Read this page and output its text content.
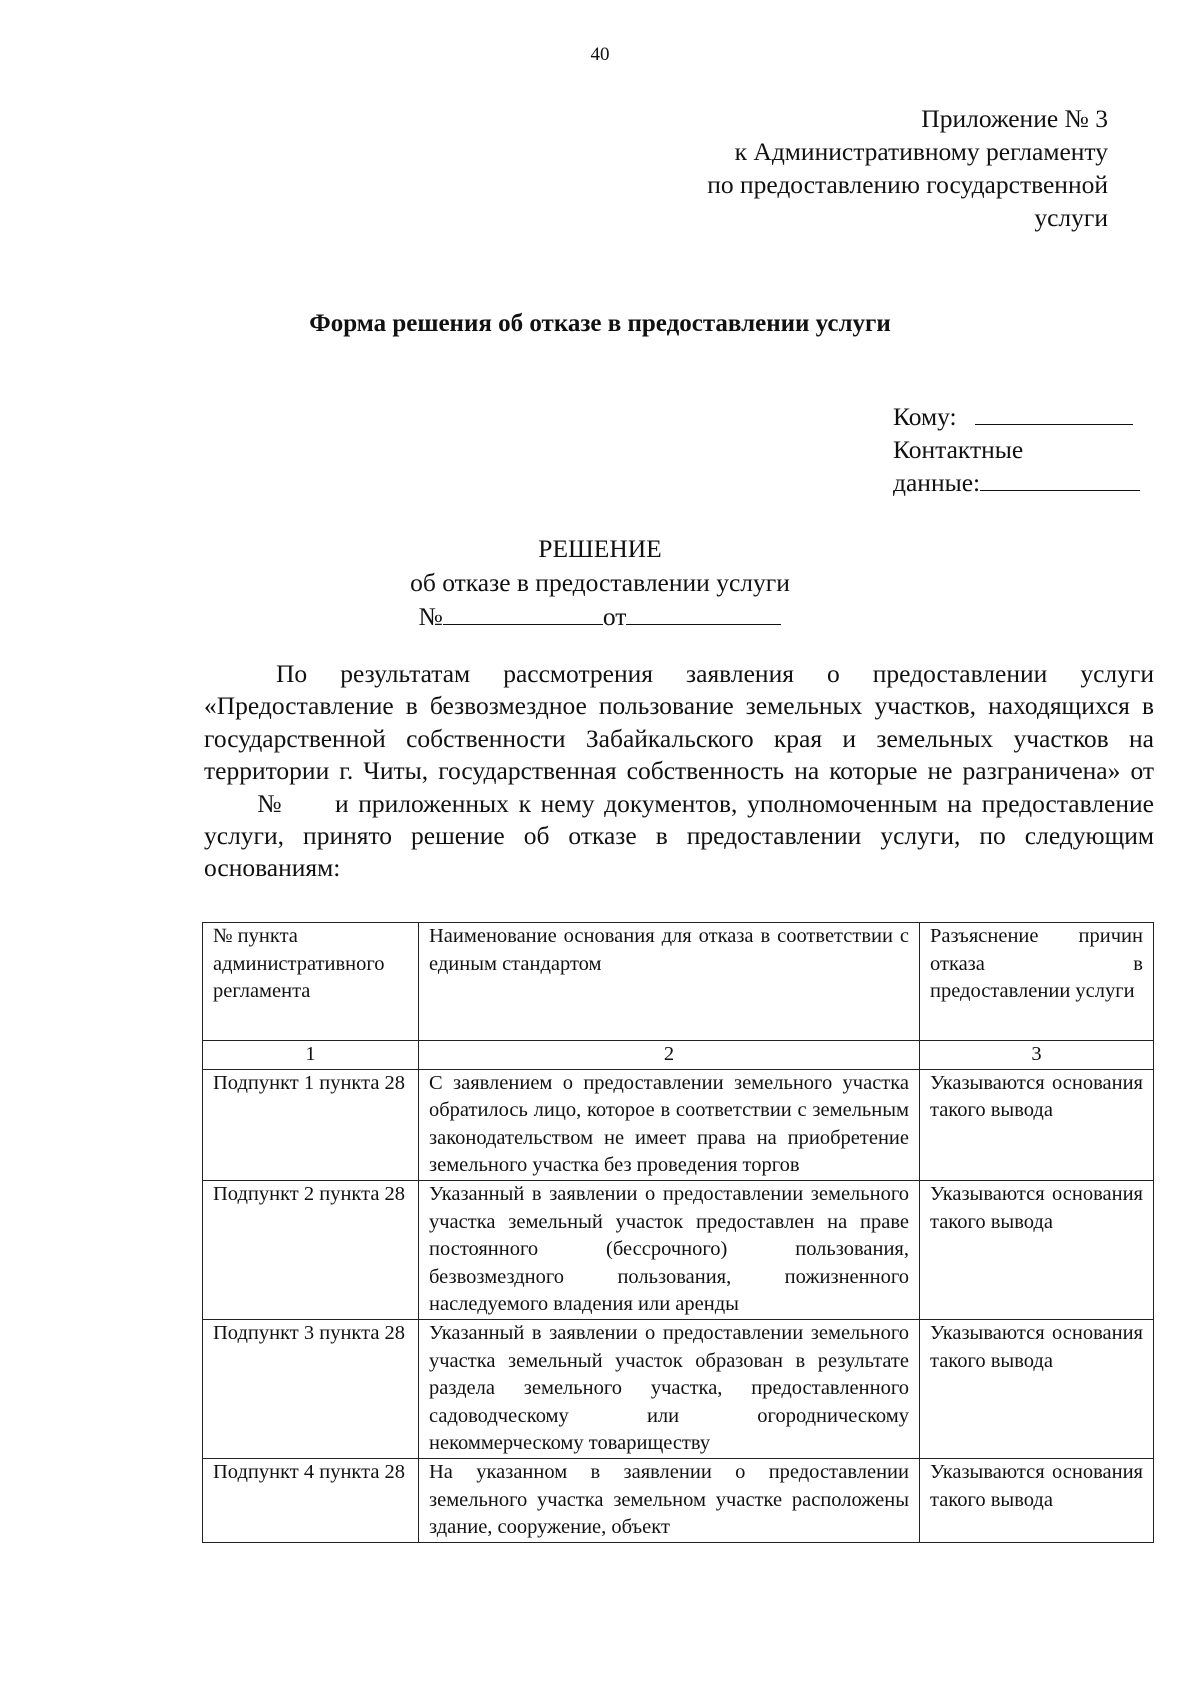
40
Приложение № 3
к Административному регламенту
по предоставлению государственной
услуги
Форма решения об отказе в предоставлении услуги
Кому:
Контактные
данные:
РЕШЕНИЕ
об отказе в предоставлении услуги
№	от
По результатам рассмотрения заявления о предоставлении услуги «Предоставление в безвозмездное пользование земельных участков, находящихся в государственной собственности Забайкальского края и земельных участков на территории г. Читы, государственная собственность на которые не разграничена» от№ и приложенных к нему документов, уполномоченным на предоставление услуги, принято решение об отказе в предоставлении услуги, по следующим основаниям:
№ пункта административного регламента	Наименование основания для отказа в соответствии с единым стандартом	Разъяснение причин отказа в предоставлении услуги
1	2	3
Подпункт 1 пункта 28	С заявлением о предоставлении земельного участка обратилось лицо, которое в соответствии с земельным законодательством не имеет права на приобретение земельного участка без проведения торгов	Указываются основания такого вывода
Подпункт 2 пункта 28	Указанный в заявлении о предоставлении земельного участка земельный участок предоставлен на праве постоянного (бессрочного) пользования, безвозмездного пользования, пожизненного наследуемого владения или аренды	Указываются основания такого вывода
Подпункт 3 пункта 28	Указанный в заявлении о предоставлении земельного участка земельный участок образован в результате раздела земельного участка, предоставленного садоводческому или огородническому некоммерческому товариществу	Указываются основания такого вывода
Подпункт 4 пункта 28	На указанном в заявлении о предоставлении земельного участка земельном участке расположены здание, сооружение, объект	Указываются основания такого вывода
